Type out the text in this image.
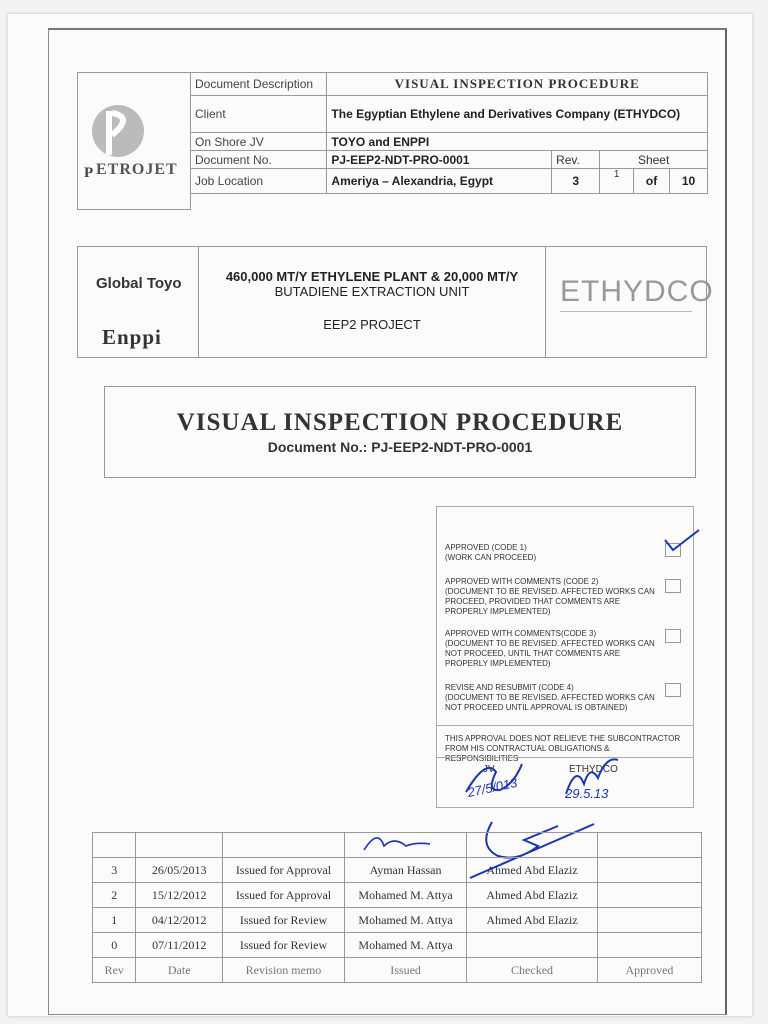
P ETROJET
Document Description	VISUAL INSPECTION PROCEDURE				
Client	The Egyptian Ethylene and Derivatives Company (ETHYDCO)				
On Shore JV	TOYO and ENPPI				
Document No.	PJ-EEP2-NDT-PRO-0001	Rev.	Sheet		
Job Location	Ameriya – Alexandria, Egypt	3	1	of	10
Global Toyo
Enppi
460,000 MT/Y ETHYLENE PLANT & 20,000 MT/Y
BUTADIENE EXTRACTION UNIT
EEP2 PROJECT
ETHYDCO
VISUAL INSPECTION PROCEDURE
Document No.: PJ-EEP2-NDT-PRO-0001
APPROVED (CODE 1)
(WORK CAN PROCEED)
APPROVED WITH COMMENTS (CODE 2)
(DOCUMENT TO BE REVISED. AFFECTED WORKS CAN PROCEED, PROVIDED THAT COMMENTS ARE PROPERLY IMPLEMENTED)
APPROVED WITH COMMENTS(CODE 3)
(DOCUMENT TO BE REVISED. AFFECTED WORKS CAN NOT PROCEED, UNTIL THAT COMMENTS ARE PROPERLY IMPLEMENTED)
REVISE AND RESUBMIT (CODE 4)
(DOCUMENT TO BE REVISED. AFFECTED WORKS CAN NOT PROCEED UNTIL APPROVAL IS OBTAINED)
THIS APPROVAL DOES NOT RELIEVE THE SUBCONTRACTOR FROM HIS CONTRACTUAL OBLIGATIONS & RESPONSIBILITIES
JV	ETHYDCO
27/5/013	29.5.13

3	26/05/2013	Issued for Approval	Ayman Hassan	Ahmed Abd Elaziz	
2	15/12/2012	Issued for Approval	Mohamed M. Attya	Ahmed Abd Elaziz	
1	04/12/2012	Issued for Review	Mohamed M. Attya	Ahmed Abd Elaziz	
0	07/11/2012	Issued for Review	Mohamed M. Attya		
Rev	Date	Revision memo	Issued	Checked	Approved
